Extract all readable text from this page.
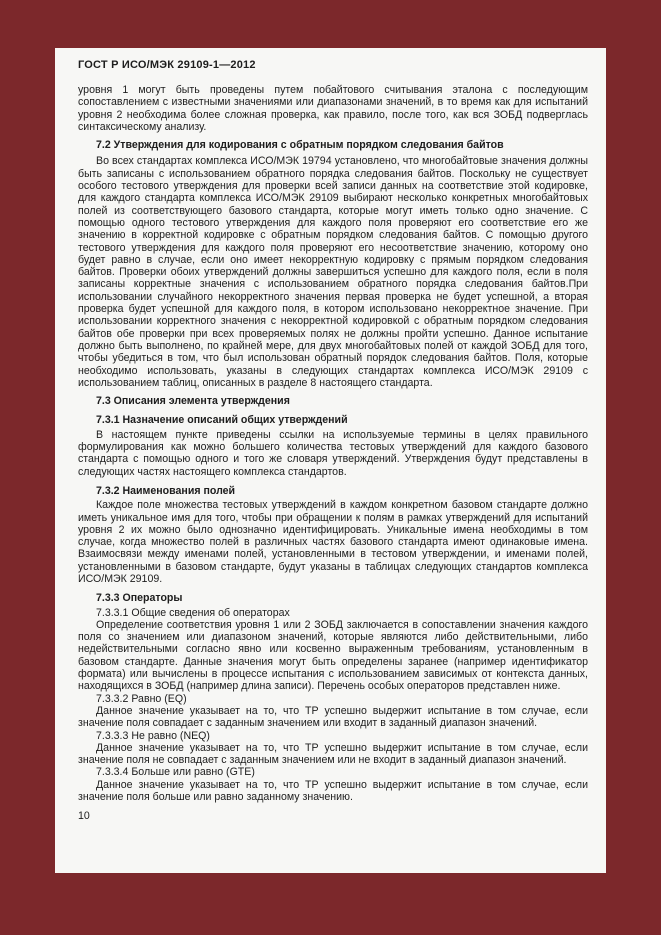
ГОСТ Р ИСО/МЭК 29109-1—2012

уровня 1 могут быть проведены путем побайтового считывания эталона с последующим сопоставлением с известными значениями или диапазонами значений, в то время как для испытаний уровня 2 необходима более сложная проверка, как правило, после того, как вся ЗОБД подверглась синтаксическому анализу.

7.2 Утверждения для кодирования с обратным порядком следования байтов

Во всех стандартах комплекса ИСО/МЭК 19794 установлено, что многобайтовые значения должны быть записаны с использованием обратного порядка следования байтов. Поскольку не существует особого тестового утверждения для проверки всей записи данных на соответствие этой кодировке, для каждого стандарта комплекса ИСО/МЭК 29109 выбирают несколько конкретных многобайтовых полей из соответствующего базового стандарта, которые могут иметь только одно значение. С помощью одного тестового утверждения для каждого поля проверяют его соответствие его же значению в корректной кодировке с обратным порядком следования байтов. С помощью другого тестового утверждения для каждого поля проверяют его несоответствие значению, которому оно будет равно в случае, если оно имеет некорректную кодировку с прямым порядком следования байтов. Проверки обоих утверждений должны завершиться успешно для каждого поля, если в поля записаны корректные значения с использованием обратного порядка следования байтов.При использовании случайного некорректного значения первая проверка не будет успешной, а вторая проверка будет успешной для каждого поля, в котором использовано некорректное значение. При использовании корректного значения с некорректной кодировкой с обратным порядком следования байтов обе проверки при всех проверяемых полях не должны пройти успешно. Данное испытание должно быть выполнено, по крайней мере, для двух многобайтовых полей от каждой ЗОБД для того, чтобы убедиться в том, что был использован обратный порядок следования байтов. Поля, которые необходимо использовать, указаны в следующих стандартах комплекса ИСО/МЭК 29109 с использованием таблиц, описанных в разделе 8 настоящего стандарта.

7.3 Описания элемента утверждения

7.3.1 Назначение описаний общих утверждений

В настоящем пункте приведены ссылки на используемые термины в целях правильного формулирования как можно большего количества тестовых утверждений для каждого базового стандарта с помощью одного и того же словаря утверждений. Утверждения будут представлены в следующих частях настоящего комплекса стандартов.

7.3.2 Наименования полей

Каждое поле множества тестовых утверждений в каждом конкретном базовом стандарте должно иметь уникальное имя для того, чтобы при обращении к полям в рамках утверждений для испытаний уровня 2 их можно было однозначно идентифицировать. Уникальные имена необходимы в том случае, когда множество полей в различных частях базового стандарта имеют одинаковые имена. Взаимосвязи между именами полей, установленными в тестовом утверждении, и именами полей, установленными в базовом стандарте, будут указаны в таблицах следующих стандартов комплекса ИСО/МЭК 29109.

7.3.3 Операторы

7.3.3.1 Общие сведения об операторах

Определение соответствия уровня 1 или 2 ЗОБД заключается в сопоставлении значения каждого поля со значением или диапазоном значений, которые являются либо действительными, либо недействительными согласно явно или косвенно выраженным требованиям, установленным в базовом стандарте. Данные значения могут быть определены заранее (например идентификатор формата) или вычислены в процессе испытания с использованием зависимых от контекста данных, находящихся в ЗОБД (например длина записи). Перечень особых операторов представлен ниже.

7.3.3.2 Равно (EQ)

Данное значение указывает на то, что ТР успешно выдержит испытание в том случае, если значение поля совпадает с заданным значением или входит в заданный диапазон значений.

7.3.3.3 Не равно (NEQ)

Данное значение указывает на то, что ТР успешно выдержит испытание в том случае, если значение поля не совпадает с заданным значением или не входит в заданный диапазон значений.

7.3.3.4 Больше или равно (GTE)

Данное значение указывает на то, что ТР успешно выдержит испытание в том случае, если значение поля больше или равно заданному значению.

10
